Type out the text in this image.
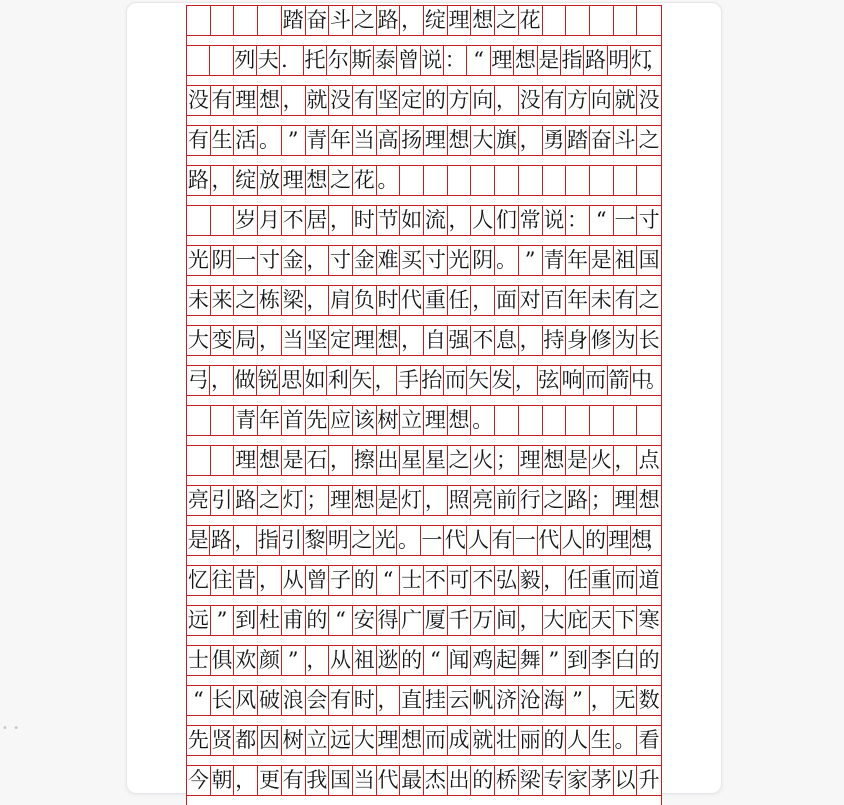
• •

踏 奋 斗 之 路 ， 绽 理 想 之 花

列 夫 ． 托 尔 斯 泰 曾 说 ： “ 理 想 是 指 路 明 灯，
没 有 理 想 ， 就 没 有 坚 定 的 方 向 ， 没 有 方 向 就 没
有 生 活 。 ” 青 年 当 高 扬 理 想 大 旗 ， 勇 踏 奋 斗 之
路 ， 绽 放 理 想 之 花 。

岁 月 不 居 ， 时 节 如 流 ， 人 们 常 说 ： “ 一 寸
光 阴 一 寸 金 ， 寸 金 难 买 寸 光 阴 。 ” 青 年 是 祖 国
未 来 之 栋 梁 ， 肩 负 时 代 重 任 ， 面 对 百 年 未 有 之
大 变 局 ， 当 坚 定 理 想 ， 自 强 不 息 ， 持 身 修 为 长
弓 ， 做 锐 思 如 利 矢 ， 手 抬 而 矢 发 ， 弦 响 而 箭 中。

青 年 首 先 应 该 树 立 理 想 。

理 想 是 石 ， 擦 出 星 星 之 火 ； 理 想 是 火 ， 点
亮 引 路 之 灯 ； 理 想 是 灯 ， 照 亮 前 行 之 路 ； 理 想
是 路 ， 指 引 黎 明 之 光 。 一 代 人 有 一 代 人 的 理 想，
忆 往 昔 ， 从 曾 子 的 “ 士 不 可 不 弘 毅 ， 任 重 而 道
远 ” 到 杜 甫 的 “ 安 得 广 厦 千 万 间 ， 大 庇 天 下 寒
士 俱 欢 颜 ” ， 从 祖 逖 的 “ 闻 鸡 起 舞 ” 到 李 白 的
“ 长 风 破 浪 会 有 时 ， 直 挂 云 帆 济 沧 海 ” ， 无 数
先 贤 都 因 树 立 远 大 理 想 而 成 就 壮 丽 的 人 生 。 看
今 朝 ， 更 有 我 国 当 代 最 杰 出 的 桥 梁 专 家 茅 以 升
